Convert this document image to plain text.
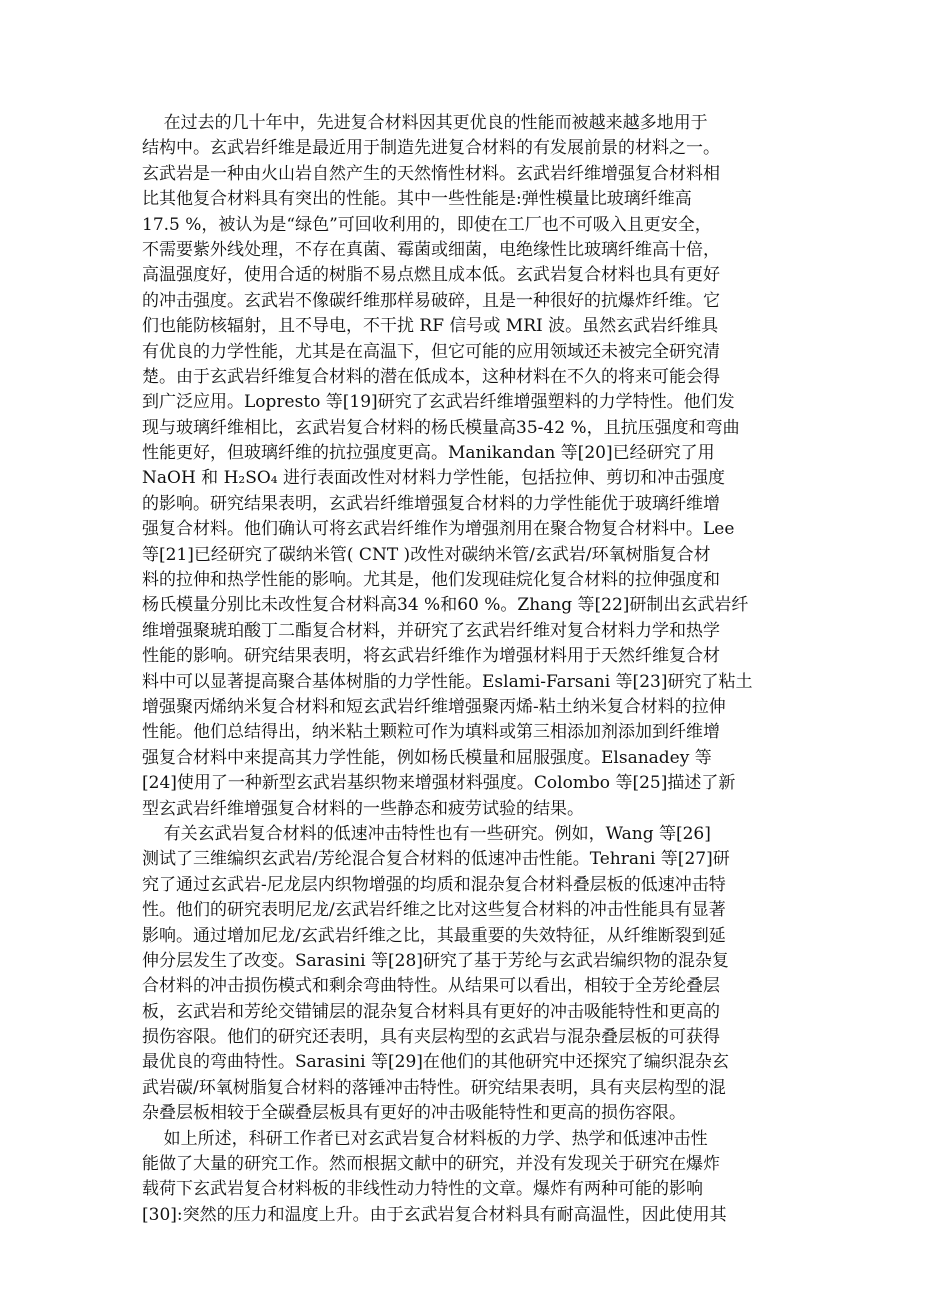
在过去的几十年中，先进复合材料因其更优良的性能而被越来越多地用于
结构中。玄武岩纤维是最近用于制造先进复合材料的有发展前景的材料之一。
玄武岩是一种由火山岩自然产生的天然惰性材料。玄武岩纤维增强复合材料相
比其他复合材料具有突出的性能。其中一些性能是:弹性模量比玻璃纤维高
17.5 %，被认为是“绿色”可回收利用的，即使在工厂也不可吸入且更安全，
不需要紫外线处理，不存在真菌、霉菌或细菌，电绝缘性比玻璃纤维高十倍，
高温强度好，使用合适的树脂不易点燃且成本低。玄武岩复合材料也具有更好
的冲击强度。玄武岩不像碳纤维那样易破碎，且是一种很好的抗爆炸纤维。它
们也能防核辐射，且不导电，不干扰 RF 信号或 MRI 波。虽然玄武岩纤维具
有优良的力学性能，尤其是在高温下，但它可能的应用领域还未被完全研究清
楚。由于玄武岩纤维复合材料的潜在低成本，这种材料在不久的将来可能会得
到广泛应用。Lopresto 等[19]研究了玄武岩纤维增强塑料的力学特性。他们发
现与玻璃纤维相比，玄武岩复合材料的杨氏模量高35-42 %，且抗压强度和弯曲
性能更好，但玻璃纤维的抗拉强度更高。Manikandan 等[20]已经研究了用
NaOH 和 H₂SO₄ 进行表面改性对材料力学性能，包括拉伸、剪切和冲击强度
的影响。研究结果表明，玄武岩纤维增强复合材料的力学性能优于玻璃纤维增
强复合材料。他们确认可将玄武岩纤维作为增强剂用在聚合物复合材料中。Lee
等[21]已经研究了碳纳米管( CNT )改性对碳纳米管/玄武岩/环氧树脂复合材
料的拉伸和热学性能的影响。尤其是，他们发现硅烷化复合材料的拉伸强度和
杨氏模量分别比未改性复合材料高34 %和60 %。Zhang 等[22]研制出玄武岩纤
维增强聚琥珀酸丁二酯复合材料，并研究了玄武岩纤维对复合材料力学和热学
性能的影响。研究结果表明，将玄武岩纤维作为增强材料用于天然纤维复合材
料中可以显著提高聚合基体树脂的力学性能。Eslami-Farsani 等[23]研究了粘土
增强聚丙烯纳米复合材料和短玄武岩纤维增强聚丙烯-粘土纳米复合材料的拉伸
性能。他们总结得出，纳米粘土颗粒可作为填料或第三相添加剂添加到纤维增
强复合材料中来提高其力学性能，例如杨氏模量和屈服强度。Elsanadey 等
[24]使用了一种新型玄武岩基织物来增强材料强度。Colombo 等[25]描述了新
型玄武岩纤维增强复合材料的一些静态和疲劳试验的结果。
有关玄武岩复合材料的低速冲击特性也有一些研究。例如，Wang 等[26]
测试了三维编织玄武岩/芳纶混合复合材料的低速冲击性能。Tehrani 等[27]研
究了通过玄武岩-尼龙层内织物增强的均质和混杂复合材料叠层板的低速冲击特
性。他们的研究表明尼龙/玄武岩纤维之比对这些复合材料的冲击性能具有显著
影响。通过增加尼龙/玄武岩纤维之比，其最重要的失效特征，从纤维断裂到延
伸分层发生了改变。Sarasini 等[28]研究了基于芳纶与玄武岩编织物的混杂复
合材料的冲击损伤模式和剩余弯曲特性。从结果可以看出，相较于全芳纶叠层
板，玄武岩和芳纶交错铺层的混杂复合材料具有更好的冲击吸能特性和更高的
损伤容限。他们的研究还表明，具有夹层构型的玄武岩与混杂叠层板的可获得
最优良的弯曲特性。Sarasini 等[29]在他们的其他研究中还探究了编织混杂玄
武岩碳/环氧树脂复合材料的落锤冲击特性。研究结果表明，具有夹层构型的混
杂叠层板相较于全碳叠层板具有更好的冲击吸能特性和更高的损伤容限。
如上所述，科研工作者已对玄武岩复合材料板的力学、热学和低速冲击性
能做了大量的研究工作。然而根据文献中的研究，并没有发现关于研究在爆炸
载荷下玄武岩复合材料板的非线性动力特性的文章。爆炸有两种可能的影响
[30]:突然的压力和温度上升。由于玄武岩复合材料具有耐高温性，因此使用其
